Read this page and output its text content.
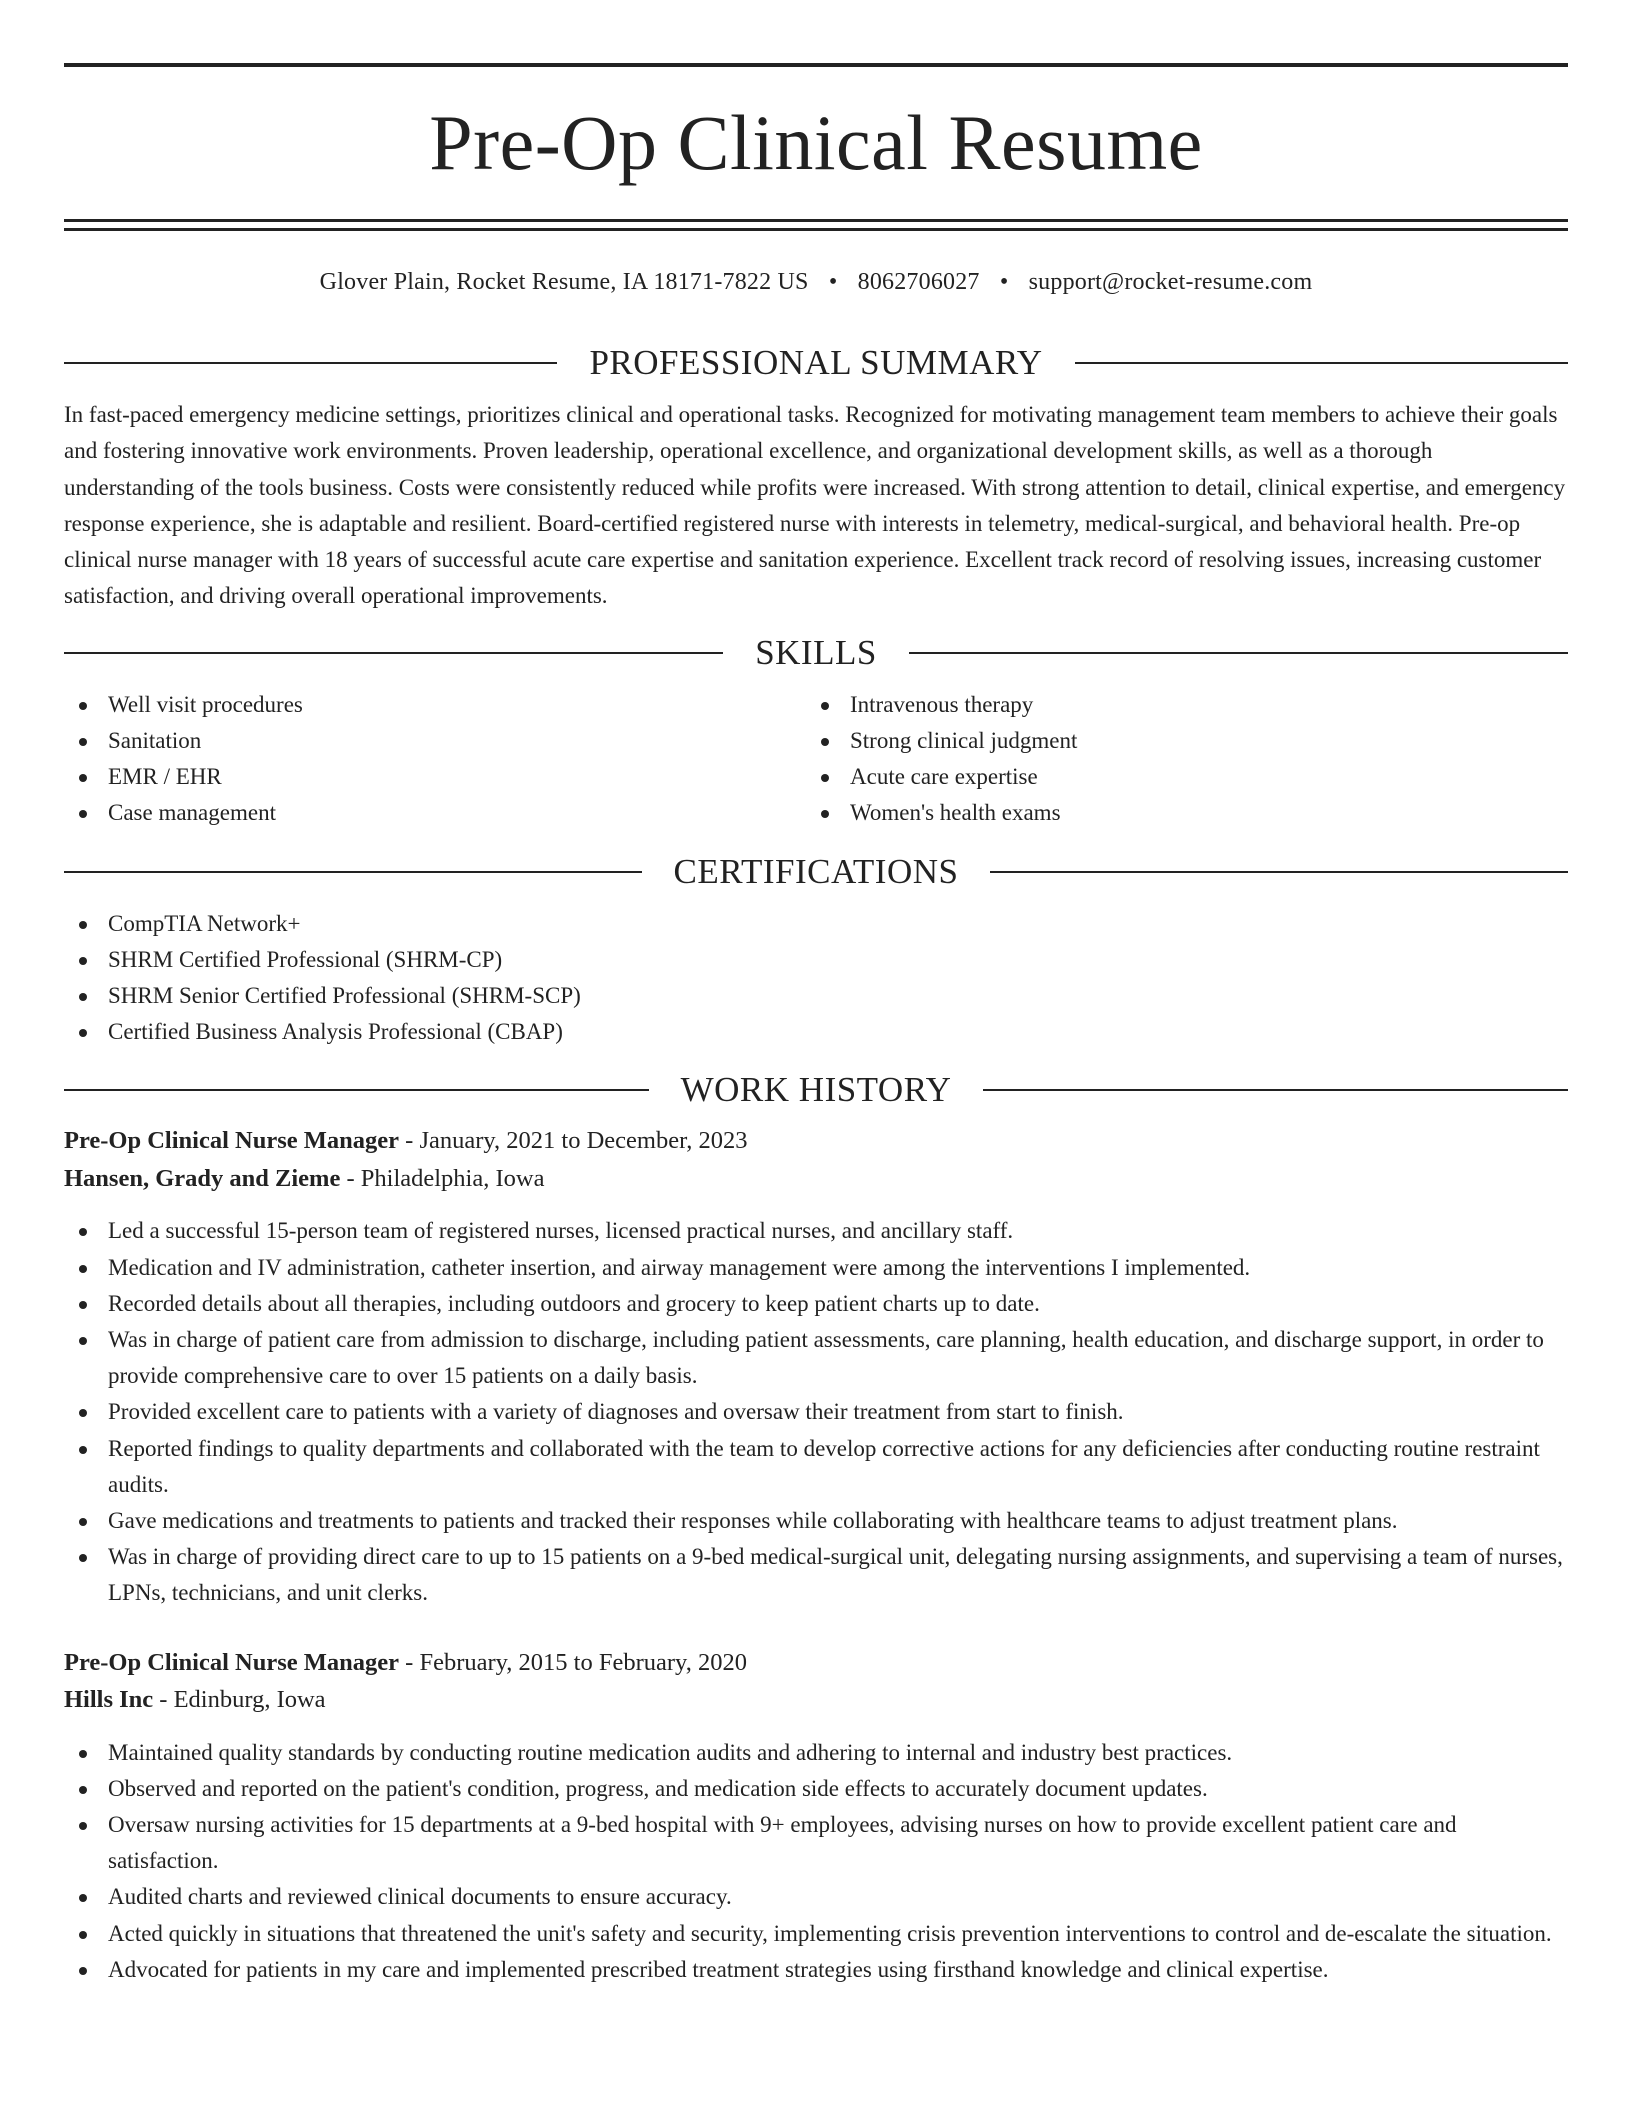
Pre-Op Clinical Resume
Glover Plain, Rocket Resume, IA 18171-7822 US • 8062706027 • support@rocket-resume.com
PROFESSIONAL SUMMARY

In fast-paced emergency medicine settings, prioritizes clinical and operational tasks. Recognized for motivating management team members to achieve their goals and fostering innovative work environments. Proven leadership, operational excellence, and organizational development skills, as well as a thorough understanding of the tools business. Costs were consistently reduced while profits were increased. With strong attention to detail, clinical expertise, and emergency response experience, she is adaptable and resilient. Board-certified registered nurse with interests in telemetry, medical-surgical, and behavioral health. Pre-op clinical nurse manager with 18 years of successful acute care expertise and sanitation experience. Excellent track record of resolving issues, increasing customer satisfaction, and driving overall operational improvements.

SKILLS
Well visit procedures
Sanitation
EMR / EHR
Case management
Intravenous therapy
Strong clinical judgment
Acute care expertise
Women's health exams
CERTIFICATIONS
CompTIA Network+
SHRM Certified Professional (SHRM-CP)
SHRM Senior Certified Professional (SHRM-SCP)
Certified Business Analysis Professional (CBAP)
WORK HISTORY
Pre-Op Clinical Nurse Manager - January, 2021 to December, 2023
Hansen, Grady and Zieme - Philadelphia, Iowa
Led a successful 15-person team of registered nurses, licensed practical nurses, and ancillary staff.
Medication and IV administration, catheter insertion, and airway management were among the interventions I implemented.
Recorded details about all therapies, including outdoors and grocery to keep patient charts up to date.
Was in charge of patient care from admission to discharge, including patient assessments, care planning, health education, and discharge support, in order to provide comprehensive care to over 15 patients on a daily basis.
Provided excellent care to patients with a variety of diagnoses and oversaw their treatment from start to finish.
Reported findings to quality departments and collaborated with the team to develop corrective actions for any deficiencies after conducting routine restraint audits.
Gave medications and treatments to patients and tracked their responses while collaborating with healthcare teams to adjust treatment plans.
Was in charge of providing direct care to up to 15 patients on a 9-bed medical-surgical unit, delegating nursing assignments, and supervising a team of nurses, LPNs, technicians, and unit clerks.
Pre-Op Clinical Nurse Manager - February, 2015 to February, 2020
Hills Inc - Edinburg, Iowa
Maintained quality standards by conducting routine medication audits and adhering to internal and industry best practices.
Observed and reported on the patient's condition, progress, and medication side effects to accurately document updates.
Oversaw nursing activities for 15 departments at a 9-bed hospital with 9+ employees, advising nurses on how to provide excellent patient care and satisfaction.
Audited charts and reviewed clinical documents to ensure accuracy.
Acted quickly in situations that threatened the unit's safety and security, implementing crisis prevention interventions to control and de-escalate the situation.
Advocated for patients in my care and implemented prescribed treatment strategies using firsthand knowledge and clinical expertise.
